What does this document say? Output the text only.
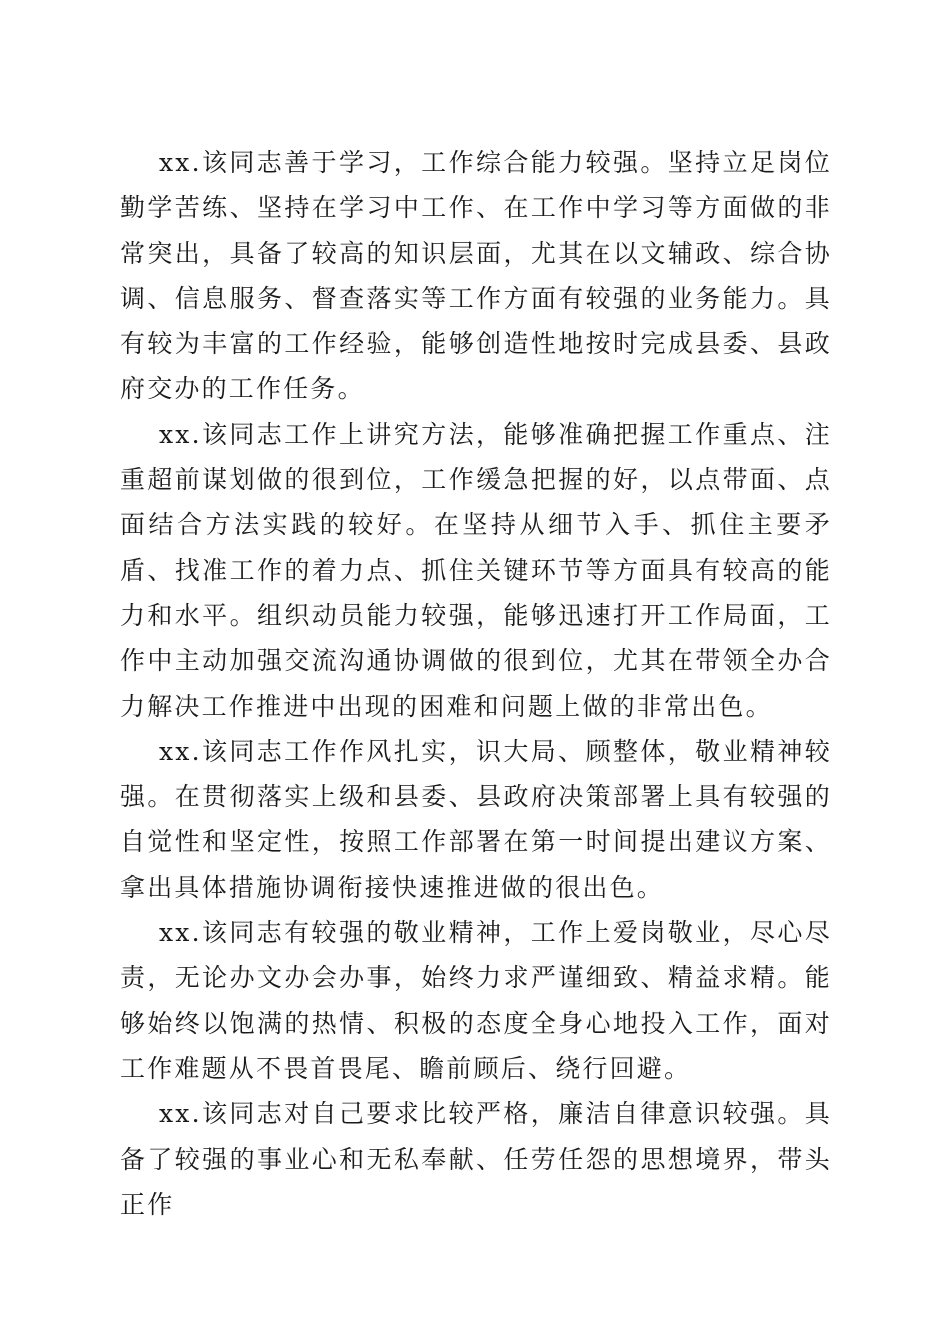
xx.该同志善于学习，工作综合能力较强。坚持立足岗位勤学苦练、坚持在学习中工作、在工作中学习等方面做的非常突出，具备了较高的知识层面，尤其在以文辅政、综合协调、信息服务、督查落实等工作方面有较强的业务能力。具有较为丰富的工作经验，能够创造性地按时完成县委、县政府交办的工作任务。

xx.该同志工作上讲究方法，能够准确把握工作重点、注重超前谋划做的很到位，工作缓急把握的好，以点带面、点面结合方法实践的较好。在坚持从细节入手、抓住主要矛盾、找准工作的着力点、抓住关键环节等方面具有较高的能力和水平。组织动员能力较强，能够迅速打开工作局面，工作中主动加强交流沟通协调做的很到位，尤其在带领全办合力解决工作推进中出现的困难和问题上做的非常出色。

xx.该同志工作作风扎实，识大局、顾整体，敬业精神较强。在贯彻落实上级和县委、县政府决策部署上具有较强的自觉性和坚定性，按照工作部署在第一时间提出建议方案、拿出具体措施协调衔接快速推进做的很出色。

xx.该同志有较强的敬业精神，工作上爱岗敬业，尽心尽责，无论办文办会办事，始终力求严谨细致、精益求精。能够始终以饱满的热情、积极的态度全身心地投入工作，面对工作难题从不畏首畏尾、瞻前顾后、绕行回避。

xx.该同志对自己要求比较严格，廉洁自律意识较强。具备了较强的事业心和无私奉献、任劳任怨的思想境界，带头正作
